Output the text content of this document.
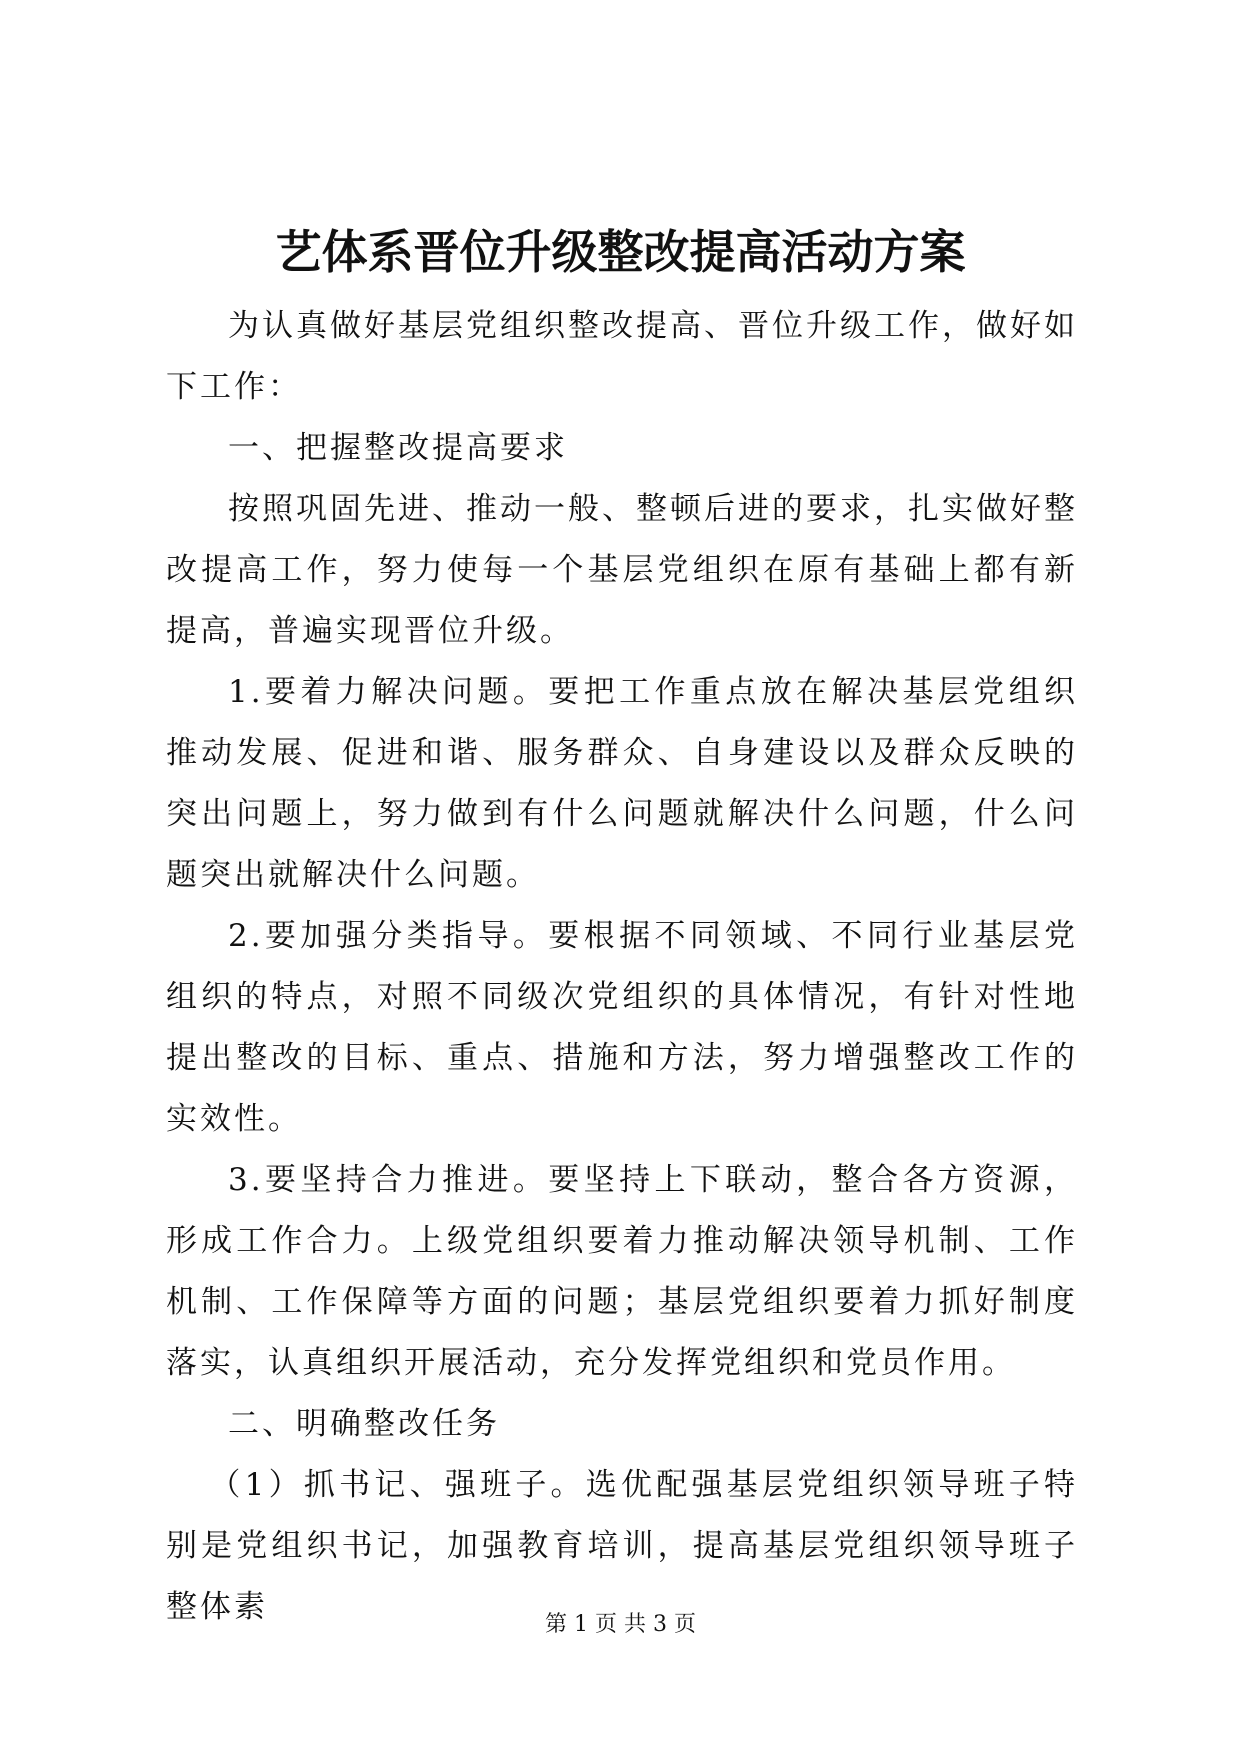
艺体系晋位升级整改提高活动方案

为认真做好基层党组织整改提高、晋位升级工作，做好如下工作：

一、把握整改提高要求

按照巩固先进、推动一般、整顿后进的要求，扎实做好整改提高工作，努力使每一个基层党组织在原有基础上都有新提高，普遍实现晋位升级。

1.要着力解决问题。要把工作重点放在解决基层党组织推动发展、促进和谐、服务群众、自身建设以及群众反映的突出问题上，努力做到有什么问题就解决什么问题，什么问题突出就解决什么问题。

2.要加强分类指导。要根据不同领域、不同行业基层党组织的特点，对照不同级次党组织的具体情况，有针对性地提出整改的目标、重点、措施和方法，努力增强整改工作的实效性。

3.要坚持合力推进。要坚持上下联动，整合各方资源，形成工作合力。上级党组织要着力推动解决领导机制、工作机制、工作保障等方面的问题；基层党组织要着力抓好制度落实，认真组织开展活动，充分发挥党组织和党员作用。

二、明确整改任务

（1）抓书记、强班子。选优配强基层党组织领导班子特别是党组织书记，加强教育培训，提高基层党组织领导班子整体素	第 1 页 共 3 页
